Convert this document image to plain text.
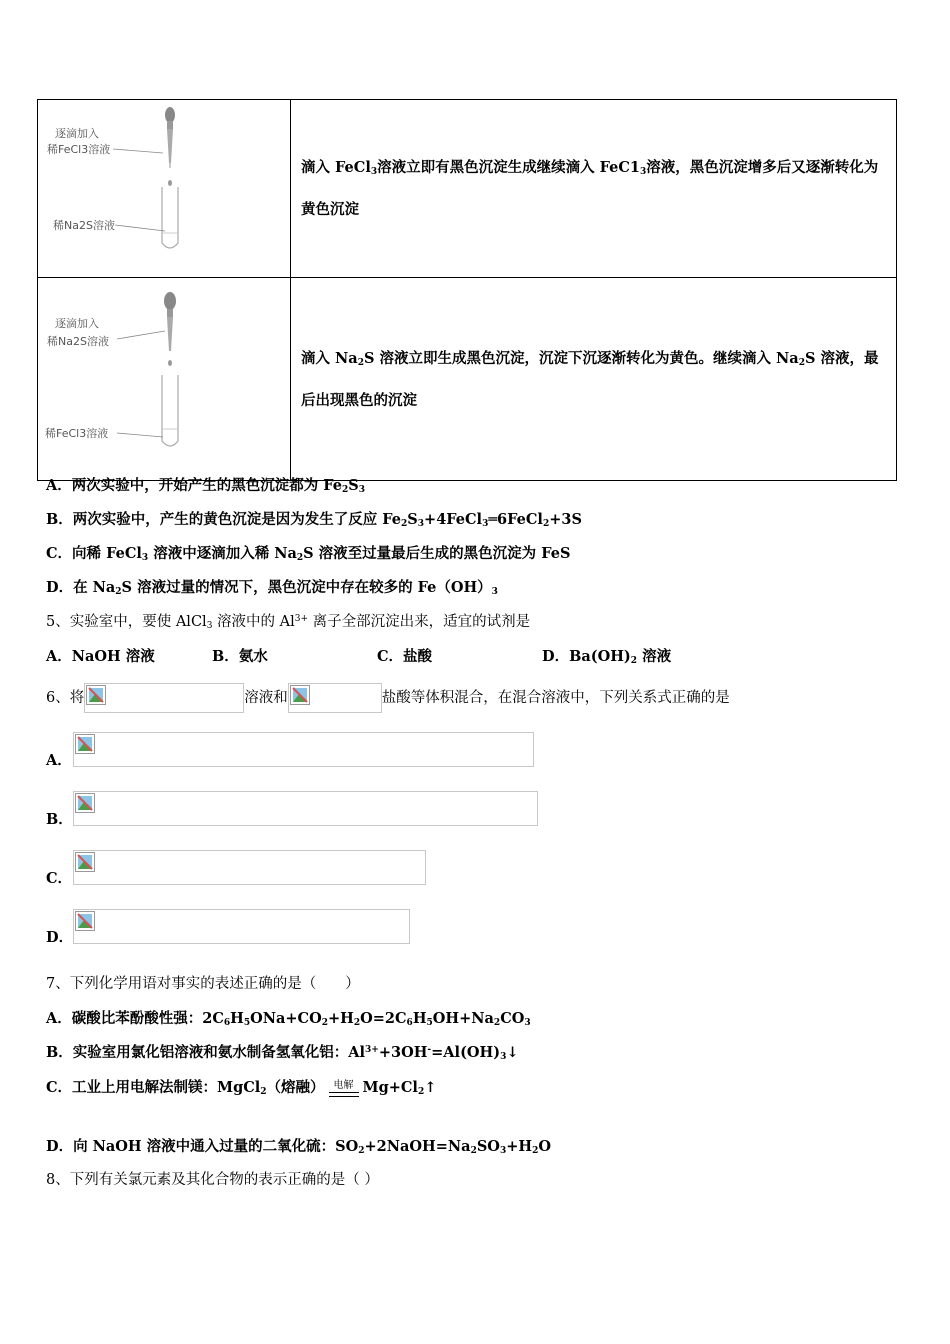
逐滴加入
稀FeCl3溶液
稀Na2S溶液	滴入 FeCl$_3$溶液立即有黑色沉淀生成继续滴入 $FeC1_3$溶液，黑色沉淀增多后又逐渐转化为黄色沉淀

逐滴加入
稀Na2S溶液
稀FeCl3溶液	滴入 $Na_2S$ 溶液立即生成黑色沉淀，沉淀下沉逐渐转化为黄色。继续滴入 $Na_2S$ 溶液，最后出现黑色的沉淀
A．两次实验中，开始产生的黑色沉淀都为 $Fe_2S_3$
B．两次实验中，产生的黄色沉淀是因为发生了反应 $Fe_2S_3+4FeCl_3═6FeCl_2+3S$
C．向稀 FeCl$_3$ 溶液中逐滴加入稀 $Na_2S$ 溶液至过量最后生成的黑色沉淀为 FeS
D．在 $Na_2S$ 溶液过量的情况下，黑色沉淀中存在较多的 $Fe(OH)_3$
5、实验室中，要使 AlCl$_3$ 溶液中的 $Al^{3+}$ 离子全部沉淀出来，适宜的试剂是
A．NaOH 溶液	B．氨水	C．盐酸	D．$Ba(OH)_2$ 溶液
6、将	溶液和	盐酸等体积混合，在混合溶液中，下列关系式正确的是
A．
B．
C．
D．
7、下列化学用语对事实的表述正确的是（　　）
A．碳酸比苯酚酸性强：$2C_6H_5ONa+CO_2+H_2O=2C_6H_5OH+Na_2CO_3$
B．实验室用氯化铝溶液和氨水制备氢氧化铝：$Al^{3+}+3OH^-=Al(OH)_3↓$
C．工业上用电解法制镁：MgCl$_2$（熔融） 电解 $Mg+Cl_2↑$
D．向 NaOH 溶液中通入过量的二氧化硫：$SO_2+2NaOH=Na_2SO_3+H_2O$
8、下列有关氯元素及其化合物的表示正确的是（ ）
